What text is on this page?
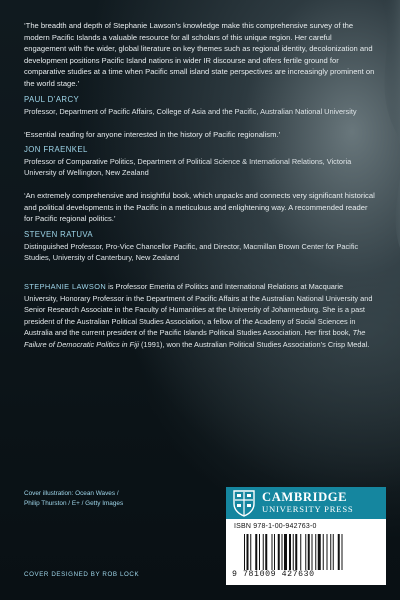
‘The breadth and depth of Stephanie Lawson’s knowledge make this comprehensive survey of the modern Pacific Islands a valuable resource for all scholars of this unique region. Her careful engagement with the wider, global literature on key themes such as regional identity, decolonization and development positions Pacific Island nations in wider IR discourse and offers fertile ground for comparative studies at a time when Pacific small island state perspectives are increasingly prominent on the world stage.’

PAUL D’ARCY
Professor, Department of Pacific Affairs, College of Asia and the Pacific, Australian National University

‘Essential reading for anyone interested in the history of Pacific regionalism.’

JON FRAENKEL
Professor of Comparative Politics, Department of Political Science & International Relations, Victoria University of Wellington, New Zealand

‘An extremely comprehensive and insightful book, which unpacks and connects very significant historical and political developments in the Pacific in a meticulous and enlightening way. A recommended reader for Pacific regional politics.’

STEVEN RATUVA
Distinguished Professor, Pro-Vice Chancellor Pacific, and Director, Macmillan Brown Center for Pacific Studies, University of Canterbury, New Zealand

STEPHANIE LAWSON is Professor Emerita of Politics and International Relations at Macquarie University, Honorary Professor in the Department of Pacific Affairs at the Australian National University and Senior Research Associate in the Faculty of Humanities at the University of Johannesburg. She is a past president of the Australian Political Studies Association, a fellow of the Academy of Social Sciences in Australia and the current president of the Pacific Islands Political Studies Association. Her first book, The Failure of Democratic Politics in Fiji (1991), won the Australian Political Studies Association’s Crisp Medal.

Cover illustration: Ocean Waves /
Philip Thurston / E+ / Getty Images
COVER DESIGNED BY ROB LOCK
CAMBRIDGE
UNIVERSITY PRESS
ISBN 978-1-00-942763-0
9 781009 427630
